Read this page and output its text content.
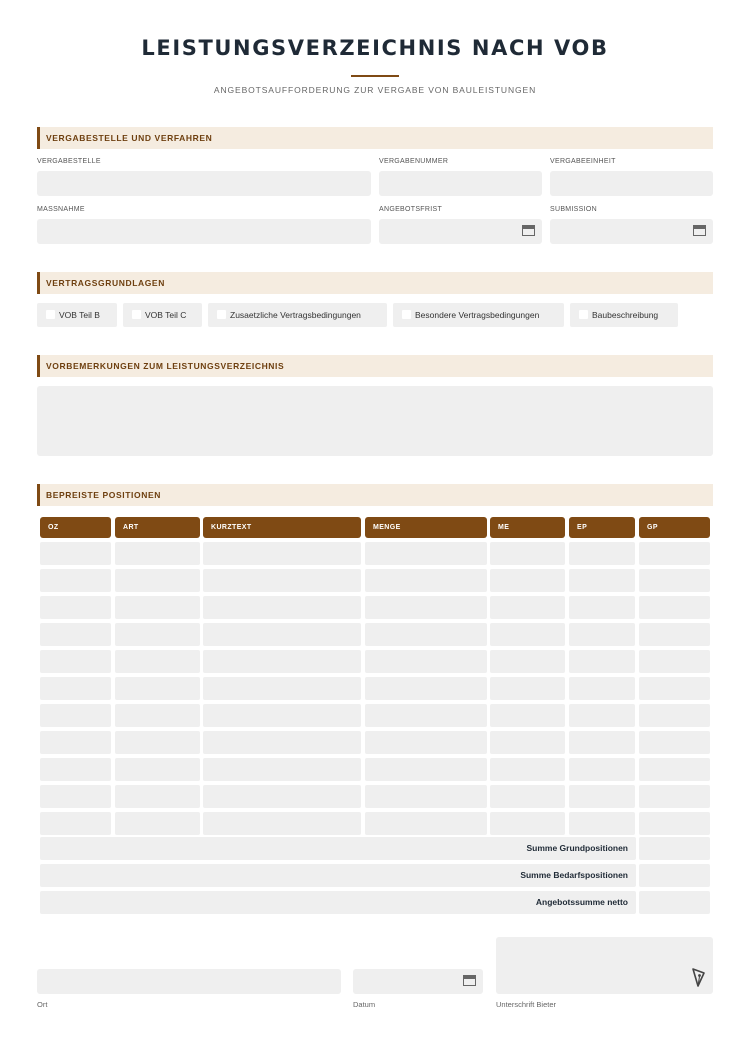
LEISTUNGSVERZEICHNIS NACH VOB
ANGEBOTSAUFFORDERUNG ZUR VERGABE VON BAULEISTUNGEN
VERGABESTELLE UND VERFAHREN
VERGABESTELLE	VERGABENUMMER	VERGABEEINHEIT
MASSNAHME	ANGEBOTSFRIST	SUBMISSION
VERTRAGSGRUNDLAGEN
VOB Teil B	VOB Teil C	Zusaetzliche Vertragsbedingungen	Besondere Vertragsbedingungen	Baubeschreibung
VORBEMERKUNGEN ZUM LEISTUNGSVERZEICHNIS
BEPREISTE POSITIONEN
OZ	ART	KURZTEXT	MENGE	ME	EP	GP
Summe Grundpositionen
Summe Bedarfspositionen
Angebotssumme netto
Ort	Datum	Unterschrift Bieter
